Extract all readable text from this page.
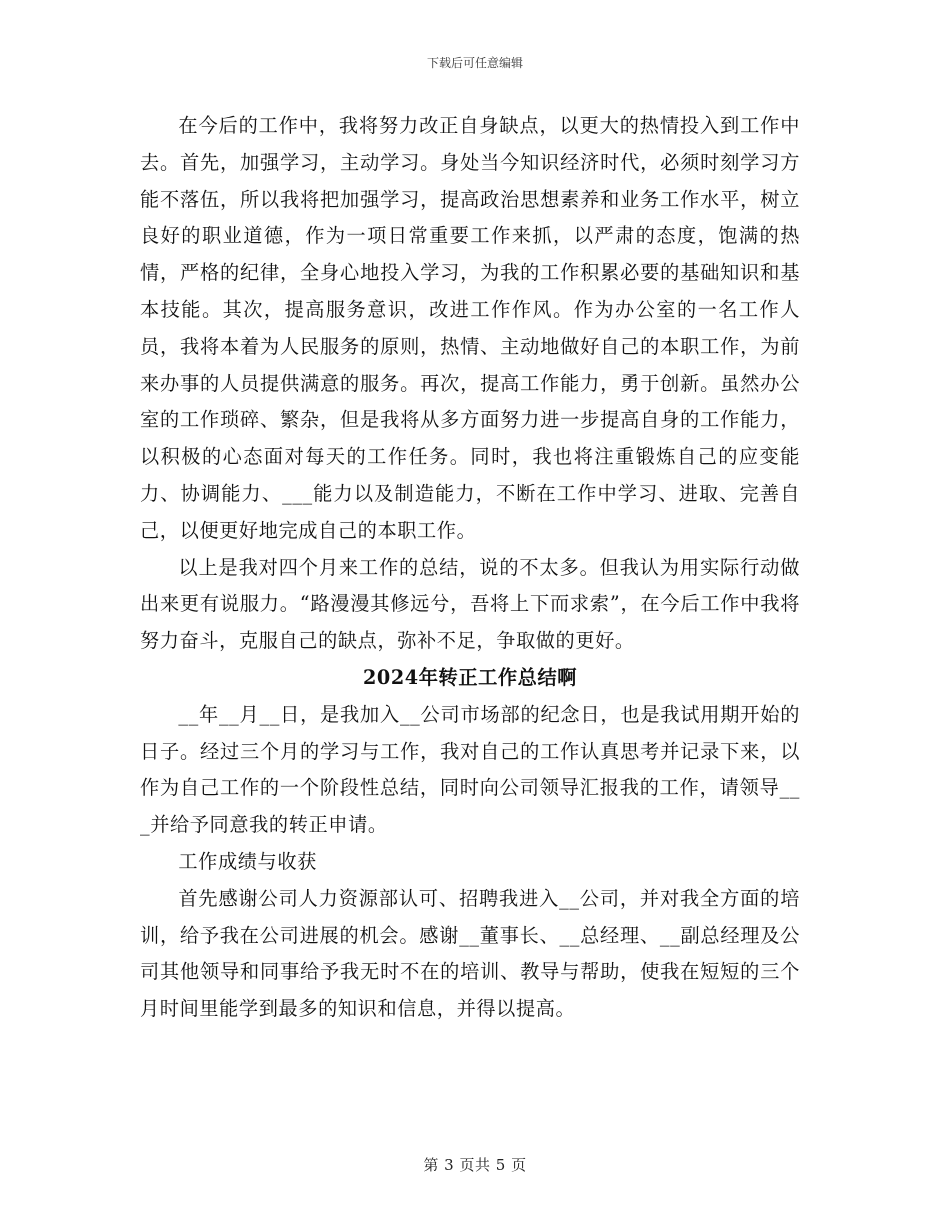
下载后可任意编辑

在今后的工作中，我将努力改正自身缺点，以更大的热情投入到工作中去。首先，加强学习，主动学习。身处当今知识经济时代，必须时刻学习方能不落伍，所以我将把加强学习，提高政治思想素养和业务工作水平，树立良好的职业道德，作为一项日常重要工作来抓，以严肃的态度，饱满的热情，严格的纪律，全身心地投入学习，为我的工作积累必要的基础知识和基本技能。其次，提高服务意识，改进工作作风。作为办公室的一名工作人员，我将本着为人民服务的原则，热情、主动地做好自己的本职工作，为前来办事的人员提供满意的服务。再次，提高工作能力，勇于创新。虽然办公室的工作琐碎、繁杂，但是我将从多方面努力进一步提高自身的工作能力，以积极的心态面对每天的工作任务。同时，我也将注重锻炼自己的应变能力、协调能力、___能力以及制造能力，不断在工作中学习、进取、完善自己，以便更好地完成自己的本职工作。

以上是我对四个月来工作的总结，说的不太多。但我认为用实际行动做出来更有说服力。“路漫漫其修远兮，吾将上下而求索”，在今后工作中我将努力奋斗，克服自己的缺点，弥补不足，争取做的更好。

2024年转正工作总结啊

__年__月__日，是我加入__公司市场部的纪念日，也是我试用期开始的日子。经过三个月的学习与工作，我对自己的工作认真思考并记录下来，以作为自己工作的一个阶段性总结，同时向公司领导汇报我的工作，请领导___并给予同意我的转正申请。

工作成绩与收获

首先感谢公司人力资源部认可、招聘我进入__公司，并对我全方面的培训，给予我在公司进展的机会。感谢__董事长、__总经理、__副总经理及公司其他领导和同事给予我无时不在的培训、教导与帮助，使我在短短的三个月时间里能学到最多的知识和信息，并得以提高。

第 3 页共 5 页
